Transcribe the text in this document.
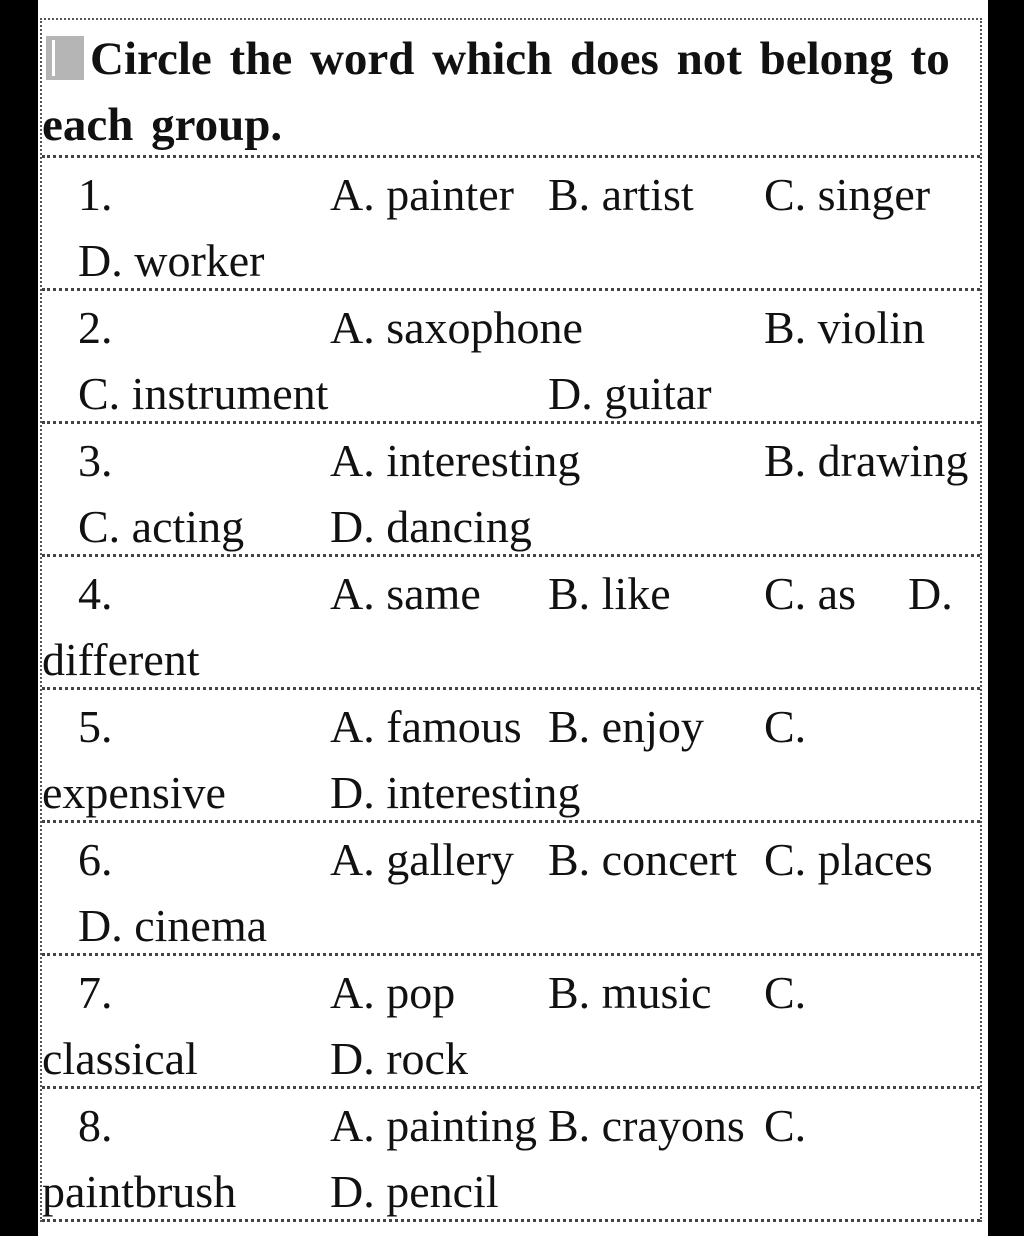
Circle the word which does not belong to
each group.
1.	A. painter B. artist C. singer
D. worker
2.	A. saxophone	B. violin
C. instrument	D. guitar
3.	A. interesting	B. drawing
C. acting D. dancing
4.	A. same B. like C. as D.
different
5.	A. famous B. enjoy C.
expensive D. interesting
6.	A. gallery B. concert C. places
D. cinema
7.	A. pop B. music C.
classical	D. rock
8.	A. painting B. crayons C.
paintbrush D. pencil
